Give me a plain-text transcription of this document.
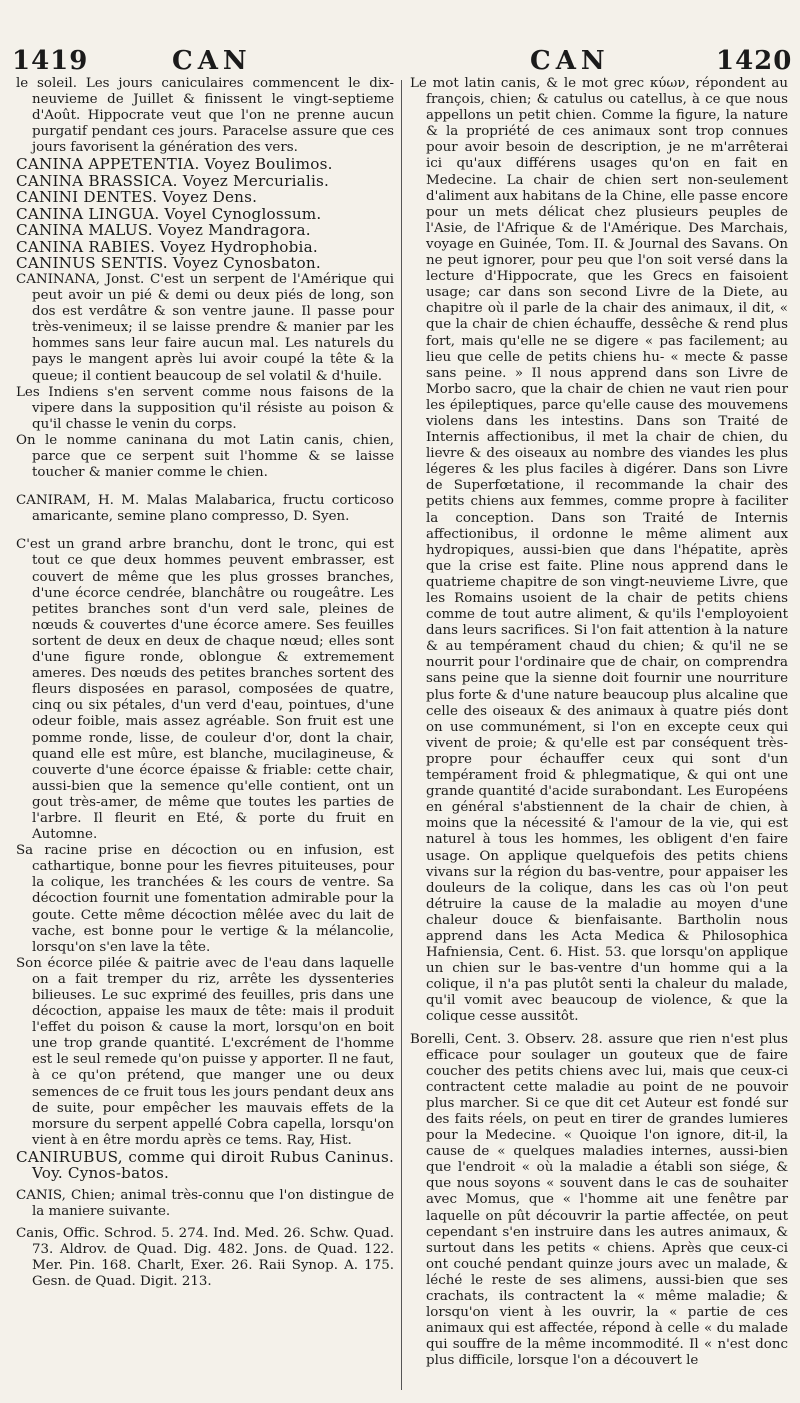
1419	CAN	CAN	1420

le soleil. Les jours caniculaires commencent le dix-neuvieme de Juillet & finissent le vingt-septieme d'Août. Hippocrate veut que l'on ne prenne aucun purgatif pendant ces jours. Paracelse assure que ces jours favorisent la génération des vers.

CANINA APPETENTIA. Voyez Boulimos.

CANINA BRASSICA. Voyez Mercurialis.

CANINI DENTES. Voyez Dens.

CANINA LINGUA. Voyel Cynoglossum.

CANINA MALUS. Voyez Mandragora.

CANINA RABIES. Voyez Hydrophobia.

CANINUS SENTIS. Voyez Cynosbaton.

CANINANA, Jonst. C'est un serpent de l'Amérique qui peut avoir un pié & demi ou deux piés de long, son dos est verdâtre & son ventre jaune. Il passe pour très-venimeux; il se laisse prendre & manier par les hommes sans leur faire aucun mal. Les naturels du pays le mangent après lui avoir coupé la tête & la queue; il contient beaucoup de sel volatil & d'huile.

Les Indiens s'en servent comme nous faisons de la vipere dans la supposition qu'il résiste au poison & qu'il chasse le venin du corps.

On le nomme caninana du mot Latin canis, chien, parce que ce serpent suit l'homme & se laisse toucher & manier comme le chien.

CANIRAM, H. M. Malas Malabarica, fructu corticoso amaricante, semine plano compresso, D. Syen.

C'est un grand arbre branchu, dont le tronc, qui est tout ce que deux hommes peuvent embrasser, est couvert de même que les plus grosses branches, d'une écorce cendrée, blanchâtre ou rougeâtre. Les petites branches sont d'un verd sale, pleines de nœuds & couvertes d'une écorce amere. Ses feuilles sortent de deux en deux de chaque nœud; elles sont d'une figure ronde, oblongue & extremement ameres. Des nœuds des petites branches sortent des fleurs disposées en parasol, composées de quatre, cinq ou six pétales, d'un verd d'eau, pointues, d'une odeur foible, mais assez agréable. Son fruit est une pomme ronde, lisse, de couleur d'or, dont la chair, quand elle est mûre, est blanche, mucilagineuse, & couverte d'une écorce épaisse & friable: cette chair, aussi-bien que la semence qu'elle contient, ont un gout très-amer, de même que toutes les parties de l'arbre. Il fleurit en Eté, & porte du fruit en Automne.

Sa racine prise en décoction ou en infusion, est cathartique, bonne pour les fievres pituiteuses, pour la colique, les tranchées & les cours de ventre. Sa décoction fournit une fomentation admirable pour la goute. Cette même décoction mêlée avec du lait de vache, est bonne pour le vertige & la mélancolie, lorsqu'on s'en lave la tête.

Son écorce pilée & paitrie avec de l'eau dans laquelle on a fait tremper du riz, arrête les dyssenteries bilieuses. Le suc exprimé des feuilles, pris dans une décoction, appaise les maux de tête: mais il produit l'effet du poison & cause la mort, lorsqu'on en boit une trop grande quantité. L'excrément de l'homme est le seul remede qu'on puisse y apporter. Il ne faut, à ce qu'on prétend, que manger une ou deux semences de ce fruit tous les jours pendant deux ans de suite, pour empêcher les mauvais effets de la morsure du serpent appellé Cobra capella, lorsqu'on vient à en être mordu après ce tems. Ray, Hist.

CANIRUBUS, comme qui diroit Rubus Caninus. Voy. Cynos-batos.

CANIS, Chien; animal très-connu que l'on distingue de la maniere suivante.

Canis, Offic. Schrod. 5. 274. Ind. Med. 26. Schw. Quad. 73. Aldrov. de Quad. Dig. 482. Jons. de Quad. 122. Mer. Pin. 168. Charlt, Exer. 26. Raii Synop. A. 175. Gesn. de Quad. Digit. 213.

Le mot latin canis, & le mot grec κύων, répondent au françois, chien; & catulus ou catellus, à ce que nous appellons un petit chien. Comme la figure, la nature & la propriété de ces animaux sont trop connues pour avoir besoin de description, je ne m'arrêterai ici qu'aux différens usages qu'on en fait en Medecine. La chair de chien sert non-seulement d'aliment aux habitans de la Chine, elle passe encore pour un mets délicat chez plusieurs peuples de l'Asie, de l'Afrique & de l'Amérique. Des Marchais, voyage en Guinée, Tom. II. & Journal des Savans. On ne peut ignorer, pour peu que l'on soit versé dans la lecture d'Hippocrate, que les Grecs en faisoient usage; car dans son second Livre de la Diete, au chapitre où il parle de la chair des animaux, il dit, « que la chair de chien échauffe, dessêche & rend plus fort, mais qu'elle ne se digere « pas facilement; au lieu que celle de petits chiens hu- « mecte & passe sans peine. » Il nous apprend dans son Livre de Morbo sacro, que la chair de chien ne vaut rien pour les épileptiques, parce qu'elle cause des mouvemens violens dans les intestins. Dans son Traité de Internis affectionibus, il met la chair de chien, du lievre & des oiseaux au nombre des viandes les plus légeres & les plus faciles à digérer. Dans son Livre de Superfœtatione, il recommande la chair des petits chiens aux femmes, comme propre à faciliter la conception. Dans son Traité de Internis affectionibus, il ordonne le même aliment aux hydropiques, aussi-bien que dans l'hépatite, après que la crise est faite. Pline nous apprend dans le quatrieme chapitre de son vingt-neuvieme Livre, que les Romains usoient de la chair de petits chiens comme de tout autre aliment, & qu'ils l'employoient dans leurs sacrifices. Si l'on fait attention à la nature & au tempérament chaud du chien; & qu'il ne se nourrit pour l'ordinaire que de chair, on comprendra sans peine que la sienne doit fournir une nourriture plus forte & d'une nature beaucoup plus alcaline que celle des oiseaux & des animaux à quatre piés dont on use communément, si l'on en excepte ceux qui vivent de proie; & qu'elle est par conséquent très-propre pour échauffer ceux qui sont d'un tempérament froid & phlegmatique, & qui ont une grande quantité d'acide surabondant. Les Européens en général s'abstiennent de la chair de chien, à moins que la nécessité & l'amour de la vie, qui est naturel à tous les hommes, les obligent d'en faire usage. On applique quelquefois des petits chiens vivans sur la région du bas-ventre, pour appaiser les douleurs de la colique, dans les cas où l'on peut détruire la cause de la maladie au moyen d'une chaleur douce & bienfaisante. Bartholin nous apprend dans les Acta Medica & Philosophica Hafniensia, Cent. 6. Hist. 53. que lorsqu'on applique un chien sur le bas-ventre d'un homme qui a la colique, il n'a pas plutôt senti la chaleur du malade, qu'il vomit avec beaucoup de violence, & que la colique cesse aussitôt.

Borelli, Cent. 3. Observ. 28. assure que rien n'est plus efficace pour soulager un gouteux que de faire coucher des petits chiens avec lui, mais que ceux-ci contractent cette maladie au point de ne pouvoir plus marcher. Si ce que dit cet Auteur est fondé sur des faits réels, on peut en tirer de grandes lumieres pour la Medecine. « Quoique l'on ignore, dit-il, la cause de « quelques maladies internes, aussi-bien que l'endroit « où la maladie a établi son siége, & que nous soyons « souvent dans le cas de souhaiter avec Momus, que « l'homme ait une fenêtre par laquelle on pût découvrir la partie affectée, on peut cependant s'en instruire dans les autres animaux, & surtout dans les petits « chiens. Après que ceux-ci ont couché pendant quinze jours avec un malade, & léché le reste de ses alimens, aussi-bien que ses crachats, ils contractent la « même maladie; & lorsqu'on vient à les ouvrir, la « partie de ces animaux qui est affectée, répond à celle « du malade qui souffre de la même incommodité. Il « n'est donc plus difficile, lorsque l'on a découvert le
